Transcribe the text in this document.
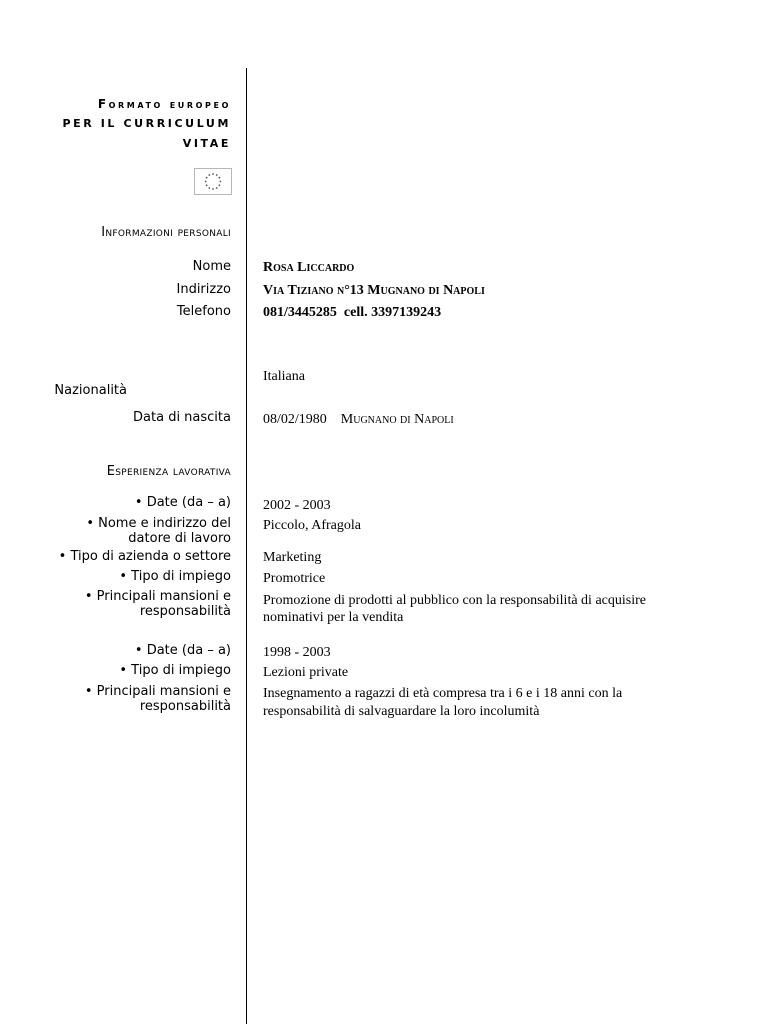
Formato europeo
PER IL CURRICULUM
VITAE
Informazioni personali
Nome Rosa Liccardo
Indirizzo Via Tiziano n°13 Mugnano di Napoli
Telefono 081/3445285  cell. 3397139243
Nazionalità
Italiana
Data di nascita 08/02/1980 Mugnano di Napoli
Esperienza lavorativa
• Date (da – a) 2002 - 2003
• Nome e indirizzo del
datore di lavoro
Piccolo, Afragola
• Tipo di azienda o settore Marketing
• Tipo di impiego Promotrice
• Principali mansioni e
responsabilità
Promozione di prodotti al pubblico con la responsabilità di acquisire
nominativi per la vendita
• Date (da – a) 1998 - 2003
• Tipo di impiego Lezioni private
• Principali mansioni e
responsabilità
Insegnamento a ragazzi di età compresa tra i 6 e i 18 anni con la
responsabilità di salvaguardare la loro incolumità
